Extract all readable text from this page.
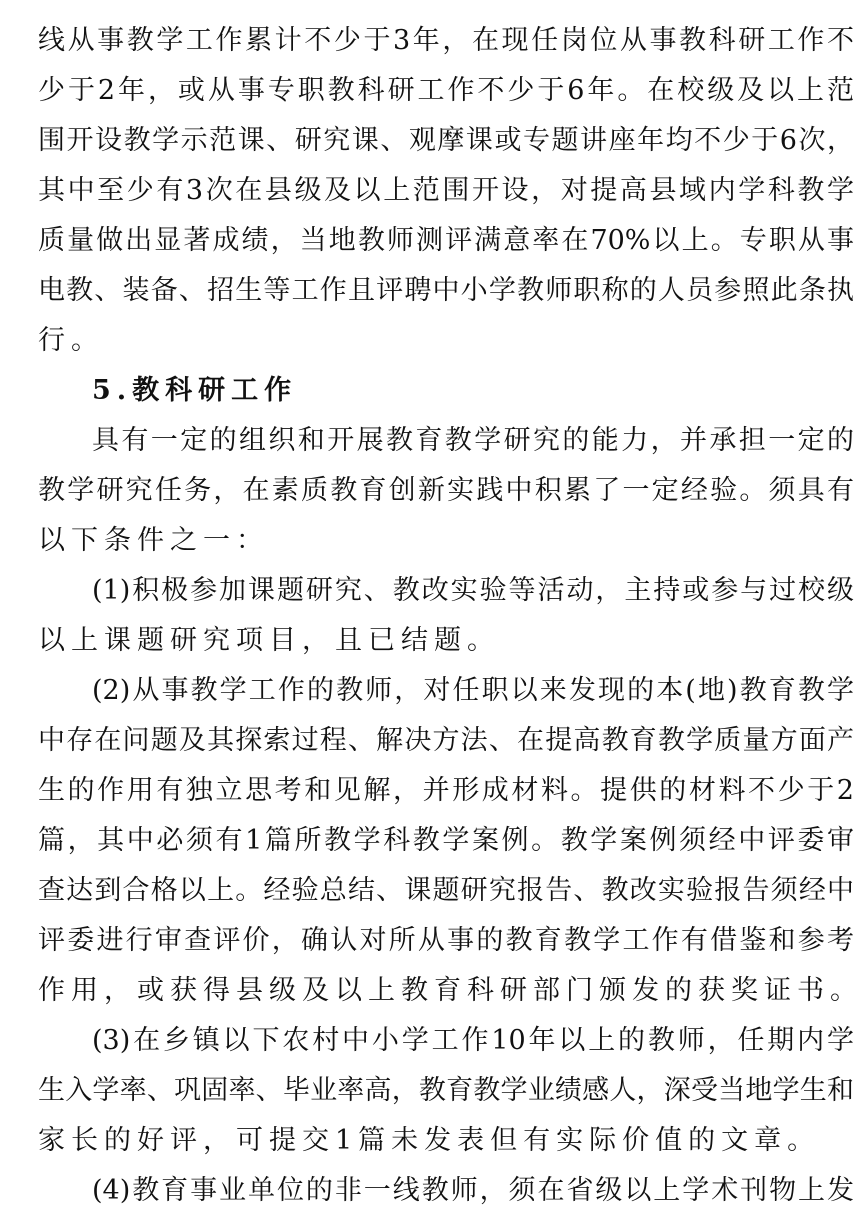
线从事教学工作累计不少于3年，在现任岗位从事教科研工作不
少于2年，或从事专职教科研工作不少于6年。在校级及以上范
围开设教学示范课、研究课、观摩课或专题讲座年均不少于6次，
其中至少有3次在县级及以上范围开设，对提高县域内学科教学
质量做出显著成绩，当地教师测评满意率在70%以上。专职从事
电教、装备、招生等工作且评聘中小学教师职称的人员参照此条执
行。
5.教科研工作
具有一定的组织和开展教育教学研究的能力，并承担一定的
教学研究任务，在素质教育创新实践中积累了一定经验。须具有
以下条件之一：
(1)积极参加课题研究、教改实验等活动，主持或参与过校级
以上课题研究项目，且已结题。
(2)从事教学工作的教师，对任职以来发现的本(地)教育教学
中存在问题及其探索过程、解决方法、在提高教育教学质量方面产
生的作用有独立思考和见解，并形成材料。提供的材料不少于2
篇，其中必须有1篇所教学科教学案例。教学案例须经中评委审
查达到合格以上。经验总结、课题研究报告、教改实验报告须经中
评委进行审查评价，确认对所从事的教育教学工作有借鉴和参考
作用，或获得县级及以上教育科研部门颁发的获奖证书。
(3)在乡镇以下农村中小学工作10年以上的教师，任期内学
生入学率、巩固率、毕业率高，教育教学业绩感人，深受当地学生和
家长的好评，可提交1篇未发表但有实际价值的文章。
(4)教育事业单位的非一线教师，须在省级以上学术刊物上发
